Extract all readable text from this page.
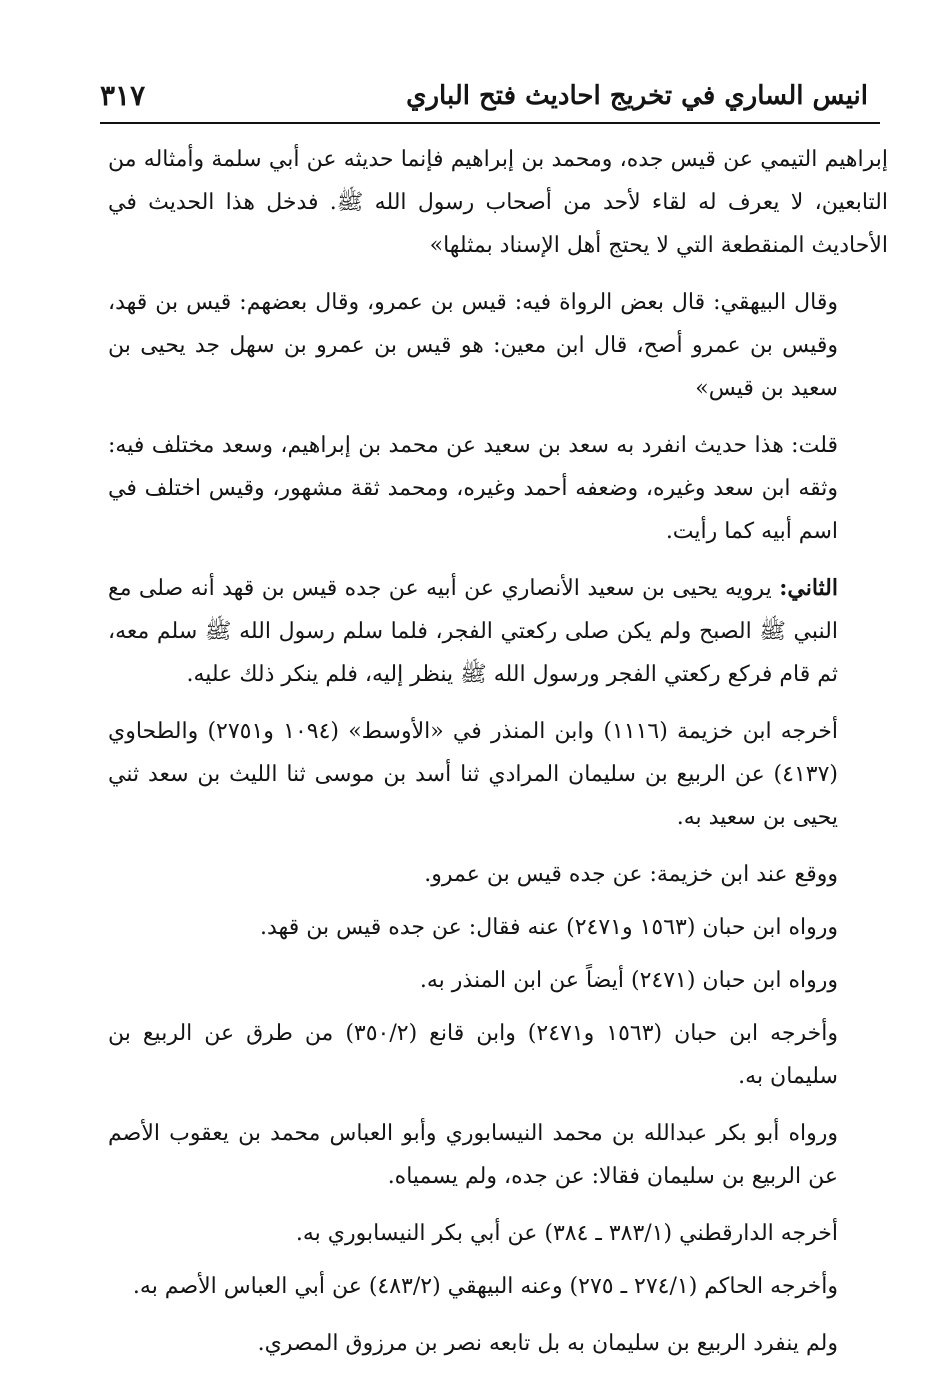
انيس الساري في تخريج احاديث فتح الباري
٣١٧

إبراهيم التيمي عن قيس جده، ومحمد بن إبراهيم فإنما حديثه عن أبي سلمة وأمثاله من التابعين، لا يعرف له لقاء لأحد من أصحاب رسول الله ﷺ. فدخل هذا الحديث في الأحاديث المنقطعة التي لا يحتج أهل الإسناد بمثلها»

وقال البيهقي: قال بعض الرواة فيه: قيس بن عمرو، وقال بعضهم: قيس بن قهد، وقيس بن عمرو أصح، قال ابن معين: هو قيس بن عمرو بن سهل جد يحيى بن سعيد بن قيس»

قلت: هذا حديث انفرد به سعد بن سعيد عن محمد بن إبراهيم، وسعد مختلف فيه: وثقه ابن سعد وغيره، وضعفه أحمد وغيره، ومحمد ثقة مشهور، وقيس اختلف في اسم أبيه كما رأيت.

الثاني: يرويه يحيى بن سعيد الأنصاري عن أبيه عن جده قيس بن قهد أنه صلى مع النبي ﷺ الصبح ولم يكن صلى ركعتي الفجر، فلما سلم رسول الله ﷺ سلم معه، ثم قام فركع ركعتي الفجر ورسول الله ﷺ ينظر إليه، فلم ينكر ذلك عليه.

أخرجه ابن خزيمة (١١١٦) وابن المنذر في «الأوسط» (١٠٩٤ و٢٧٥١) والطحاوي (٤١٣٧) عن الربيع بن سليمان المرادي ثنا أسد بن موسى ثنا الليث بن سعد ثني يحيى بن سعيد به.

ووقع عند ابن خزيمة: عن جده قيس بن عمرو.

ورواه ابن حبان (١٥٦٣ و٢٤٧١) عنه فقال: عن جده قيس بن قهد.

ورواه ابن حبان (٢٤٧١) أيضاً عن ابن المنذر به.

وأخرجه ابن حبان (١٥٦٣ و٢٤٧١) وابن قانع (٣٥٠/٢) من طرق عن الربيع بن سليمان به.

ورواه أبو بكر عبدالله بن محمد النيسابوري وأبو العباس محمد بن يعقوب الأصم عن الربيع بن سليمان فقالا: عن جده، ولم يسمياه.

أخرجه الدارقطني (٣٨٣/١ ـ ٣٨٤) عن أبي بكر النيسابوري به.

وأخرجه الحاكم (٢٧٤/١ ـ ٢٧٥) وعنه البيهقي (٤٨٣/٢) عن أبي العباس الأصم به.

ولم ينفرد الربيع بن سليمان به بل تابعه نصر بن مرزوق المصري.
